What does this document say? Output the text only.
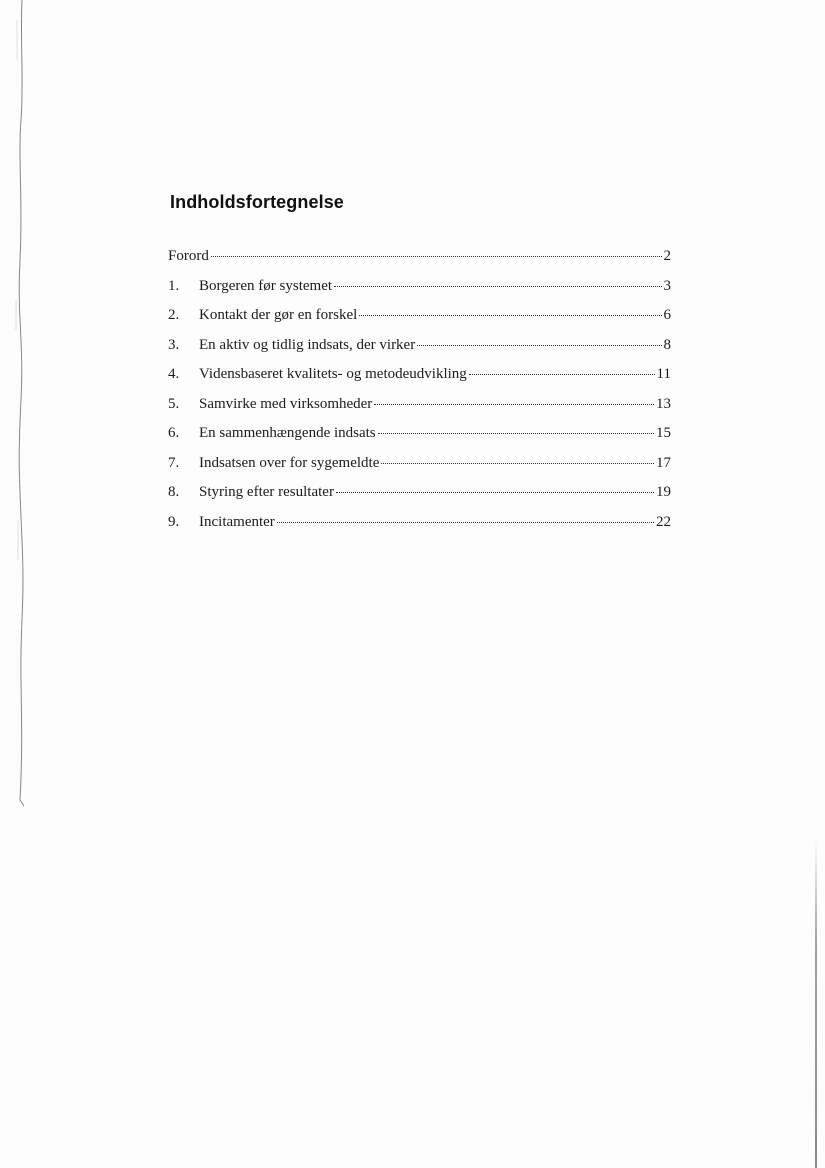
Indholdsfortegnelse
Forord	2
1.	Borgeren før systemet	3
2.	Kontakt der gør en forskel	6
3.	En aktiv og tidlig indsats, der virker	8
4.	Vidensbaseret kvalitets- og metodeudvikling	11
5.	Samvirke med virksomheder	13
6.	En sammenhængende indsats	15
7.	Indsatsen over for sygemeldte	17
8.	Styring efter resultater	19
9.	Incitamenter	22
